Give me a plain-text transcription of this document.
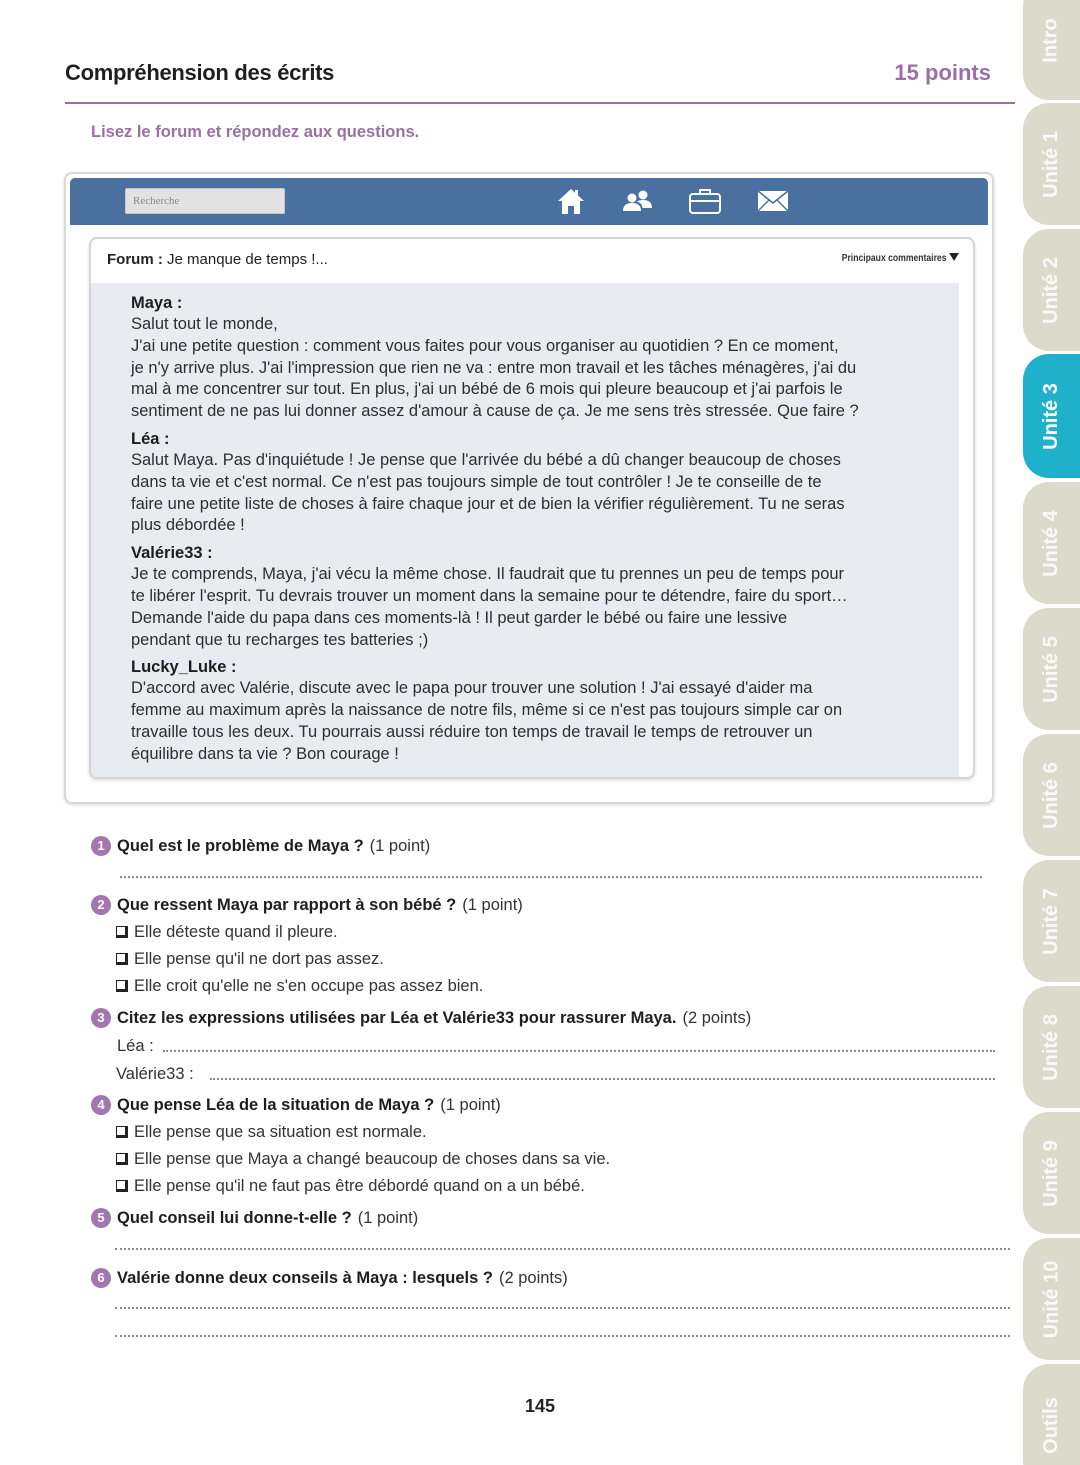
Compréhension des écrits	15 points
Lisez le forum et répondez aux questions.
Recherche
Forum : Je manque de temps !...	Principaux commentaires
Maya :

Salut tout le monde,

J'ai une petite question : comment vous faites pour vous organiser au quotidien ? En ce moment,

je n'y arrive plus. J'ai l'impression que rien ne va : entre mon travail et les tâches ménagères, j'ai du

mal à me concentrer sur tout. En plus, j'ai un bébé de 6 mois qui pleure beaucoup et j'ai parfois le

sentiment de ne pas lui donner assez d'amour à cause de ça. Je me sens très stressée. Que faire ?

Léa :

Salut Maya. Pas d'inquiétude ! Je pense que l'arrivée du bébé a dû changer beaucoup de choses

dans ta vie et c'est normal. Ce n'est pas toujours simple de tout contrôler ! Je te conseille de te

faire une petite liste de choses à faire chaque jour et de bien la vérifier régulièrement. Tu ne seras

plus débordée !

Valérie33 :

Je te comprends, Maya, j'ai vécu la même chose. Il faudrait que tu prennes un peu de temps pour

te libérer l'esprit. Tu devrais trouver un moment dans la semaine pour te détendre, faire du sport…

Demande l'aide du papa dans ces moments-là ! Il peut garder le bébé ou faire une lessive

pendant que tu recharges tes batteries ;)

Lucky_Luke :

D'accord avec Valérie, discute avec le papa pour trouver une solution ! J'ai essayé d'aider ma

femme au maximum après la naissance de notre fils, même si ce n'est pas toujours simple car on

travaille tous les deux. Tu pourrais aussi réduire ton temps de travail le temps de retrouver un

équilibre dans ta vie ? Bon courage !

1 Quel est le problème de Maya ? (1 point)
2 Que ressent Maya par rapport à son bébé ? (1 point)
Elle déteste quand il pleure.
Elle pense qu'il ne dort pas assez.
Elle croit qu'elle ne s'en occupe pas assez bien.
3 Citez les expressions utilisées par Léa et Valérie33 pour rassurer Maya. (2 points)
Léa :
Valérie33 :
4 Que pense Léa de la situation de Maya ? (1 point)
Elle pense que sa situation est normale.
Elle pense que Maya a changé beaucoup de choses dans sa vie.
Elle pense qu'il ne faut pas être débordé quand on a un bébé.
5 Quel conseil lui donne-t-elle ? (1 point)
6 Valérie donne deux conseils à Maya : lesquels ? (2 points)
145
Intro
Unité 1
Unité 2
Unité 3
Unité 4
Unité 5
Unité 6
Unité 7
Unité 8
Unité 9
Unité 10
Outils
